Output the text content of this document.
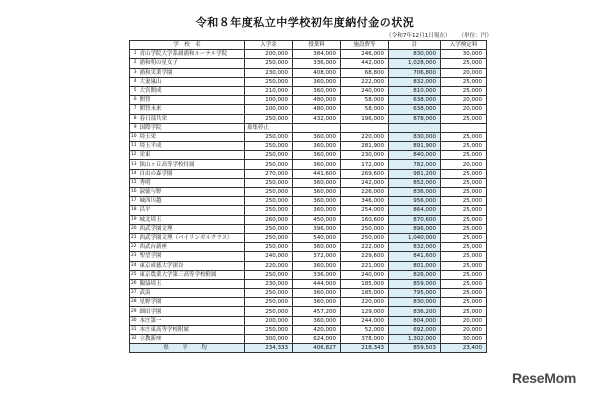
令和８年度私立中学校初年度納付金の状況
（令和7年12月1日現在） （単位：円）
学　校　名		入学金	授業料	施設費等	計	入学検定料
1	青山学院大学系属浦和ルーテル学院	200,000	384,000	246,000	830,000	30,000
2	浦和明の星女子	250,000	336,000	442,000	1,028,000	25,000
3	浦和実業学園	230,000	408,000	68,800	706,800	20,000
4	大妻嵐山	250,000	360,000	222,000	832,000	25,000
5	大宮開成	210,000	360,000	240,000	810,000	25,000
6	開智	100,000	480,000	58,000	638,000	20,000
7	開智未来	100,000	480,000	58,000	638,000	20,000
8	春日部共栄	250,000	432,000	196,000	878,000	25,000
9	国際学院	募集停止				
10	埼玉栄	250,000	360,000	220,000	830,000	25,000
11	埼玉平成	250,000	360,000	281,900	891,900	25,000
12	栄東	250,000	360,000	230,000	840,000	25,000
13	狭山ヶ丘高等学校付属	250,000	360,000	172,000	782,000	20,000
14	自由の森学園	270,000	441,600	269,600	981,200	25,000
15	秀明	250,000	360,000	242,000	852,000	25,000
16	淑徳与野	250,000	360,000	226,000	836,000	25,000
17	城西川越	250,000	360,000	346,000	956,000	25,000
18	昌平	250,000	360,000	254,000	864,000	25,000
19	城北埼玉	260,000	450,000	160,600	870,600	25,000
20	西武学園文理	250,000	396,000	250,000	896,000	25,000
21	西武学園文理（バイリンガルクラス）	250,000	540,000	250,000	1,040,000	25,000
22	西武台新座	250,000	360,000	222,000	832,000	25,000
23	聖望学園	240,000	372,000	229,600	841,600	25,000
24	東京成徳大学深谷	220,000	360,000	221,000	801,000	25,000
25	東京農業大学第三高等学校附属	250,000	336,000	240,000	826,000	25,000
26	獨協埼玉	230,000	444,000	185,000	859,000	25,000
27	武南	250,000	360,000	185,000	795,000	25,000
28	星野学園	250,000	360,000	220,000	830,000	25,000
29	細田学園	250,000	457,200	129,000	836,200	25,000
30	本庄第一	200,000	360,000	244,000	804,000	20,000
31	本庄東高等学校附属	250,000	420,000	52,000	692,000	20,000
32	立教新座	300,000	624,000	378,000	1,302,000	30,000
県　平　均		234,333	406,827	218,343	859,503	23,400
ReseMom
